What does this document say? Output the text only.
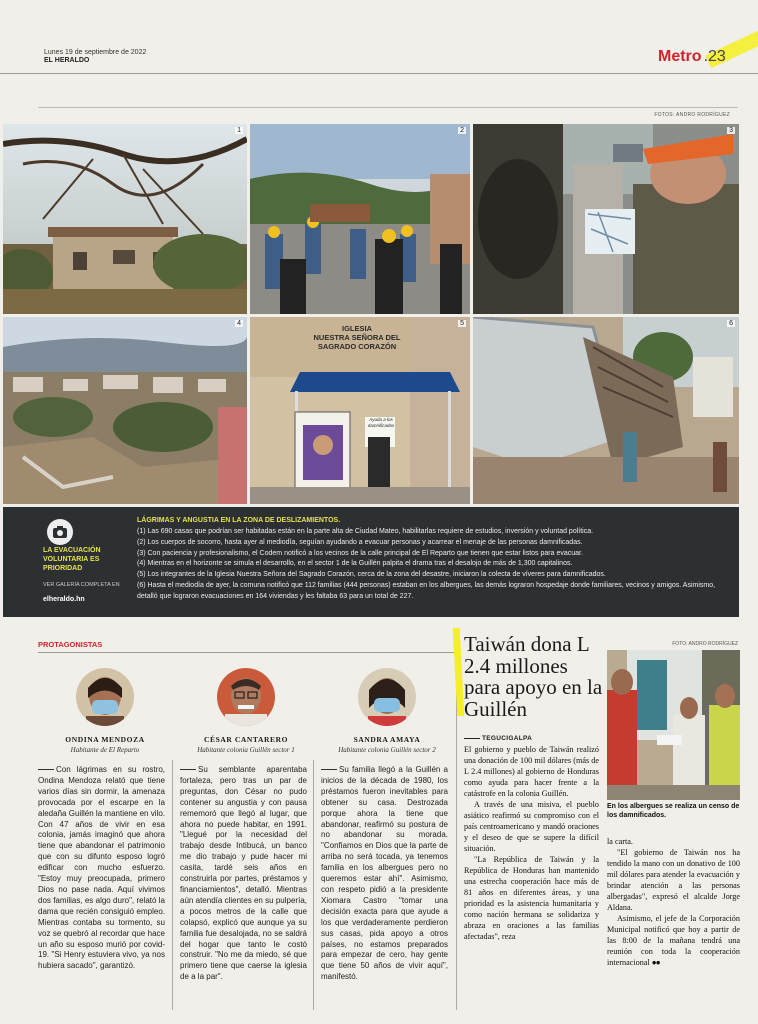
Lunes 19 de septiembre de 2022
EL HERALDO	Metro .23
FOTOS: ANDRO RODRÍGUEZ
1	2	3
4
IGLESIA
NUESTRA SEÑORA DEL
SAGRADO CORAZÓN
Ayuda a los damnificados
5	6
LA EVACUACIÓN VOLUNTARIA ES PRIORIDAD
VER GALERÍA COMPLETA EN
elheraldo.hn
LÁGRIMAS Y ANGUSTIA EN LA ZONA DE DESLIZAMIENTOS.

(1) Las 690 casas que podrían ser habitadas están en la parte alta de Ciudad Mateo, habilitarlas requiere de estudios, inversión y voluntad política.

(2) Los cuerpos de socorro, hasta ayer al mediodía, seguían ayudando a evacuar personas y acarrear el menaje de las personas damnificadas.

(3) Con paciencia y profesionalismo, el Codem notificó a los vecinos de la calle principal de El Reparto que tienen que estar listos para evacuar.

(4) Mientras en el horizonte se simula el desarrollo, en el sector 1 de la Guillén palpita el drama tras el desalojo de más de 1,300 capitalinos.

(5) Los integrantes de la Iglesia Nuestra Señora del Sagrado Corazón, cerca de la zona del desastre, iniciaron la colecta de víveres para damnificados.

(6) Hasta el mediodía de ayer, la comuna notificó que 112 familias (444 personas) estaban en los albergues, las demás lograron hospedaje donde familiares, vecinos y amigos. Asimismo, detalló que lograron evacuaciones en 164 viviendas y les faltaba 63 para un total de 227.

PROTAGONISTAS
ONDINA MENDOZA
Habitante de El Reparto
CÉSAR CANTARERO
Habitante colonia Guillén sector 1
SANDRA AMAYA
Habitante colonia Guillén sector 2

Con lágrimas en su rostro, Ondina Mendoza relató que tiene varios días sin dormir, la amenaza provocada por el escarpe en la aledaña Guillén la mantiene en vilo. Con 47 años de vivir en esa colonia, jamás imaginó que ahora tiene que abandonar el patrimonio que con su difunto esposo logró edificar con mucho esfuerzo. "Estoy muy preocupada, primero Dios no pase nada. Aquí vivimos dos familias, es algo duro", relató la dama que recién consiguió empleo. Mientras contaba su tormento, su voz se quebró al recordar que hace un año su esposo murió por covid-19. "Si Henry estuviera vivo, ya nos hubiera sacado", garantizó.

Su semblante aparentaba fortaleza, pero tras un par de preguntas, don César no pudo contener su angustia y con pausa rememoró que llegó al lugar, que ahora no puede habitar, en 1991. "Llegué por la necesidad del trabajo desde Intibucá, un banco me dio trabajo y pude hacer mi casita, tardé seis años en construirla por partes, préstamos y financiamientos", detalló. Mientras aún atendía clientes en su pulpería, a pocos metros de la calle que colapsó, explicó que aunque ya su familia fue desalojada, no se saldrá del hogar que tanto le costó construir. "No me da miedo, sé que primero tiene que caerse la iglesia de a la par".

Su familia llegó a la Guillén a inicios de la década de 1980, los préstamos fueron inevitables para obtener su casa. Destrozada porque ahora la tiene que abandonar, reafirmó su postura de no abandonar su morada. "Confiamos en Dios que la parte de arriba no será tocada, ya tenemos familia en los albergues pero no queremos estar ahí". Asimismo, con respeto pidió a la presidente Xiomara Castro "tomar una decisión exacta para que ayude a los que verdaderamente perdieron sus casas, pida apoyo a otros países, no estamos preparados para empezar de cero, hay gente que tiene 50 años de vivir aquí", manifestó.

Taiwán dona L 2.4 millones para apoyo en la Guillén
TEGUCIGALPA

El gobierno y pueblo de Taiwán realizó una donación de 100 mil dólares (más de L 2.4 millones) al gobierno de Honduras como ayuda para hacer frente a la catástrofe en la colonia Guillén.

A través de una misiva, el pueblo asiático reafirmó su compromiso con el país centroamericano y mandó oraciones y el deseo de que se supere la difícil situación.

"La República de Taiwán y la República de Honduras han mantenido una estrecha cooperación hace más de 81 años en diferentes áreas, y una prioridad es la asistencia humanitaria y como nación hermana se solidariza y abraza en oraciones a las familias afectadas", reza

FOTO: ANDRO RODRÍGUEZ
En los albergues se realiza un censo de los damnificados.

la carta.

"El gobierno de Taiwán nos ha tendido la mano con un donativo de 100 mil dólares para atender la evacuación y brindar atención a las personas albergadas", expresó el alcalde Jorge Aldana.

Asimismo, el jefe de la Corporación Municipal notificó que hoy a partir de las 8:00 de la mañana tendrá una reunión con toda la cooperación internacional ●●
